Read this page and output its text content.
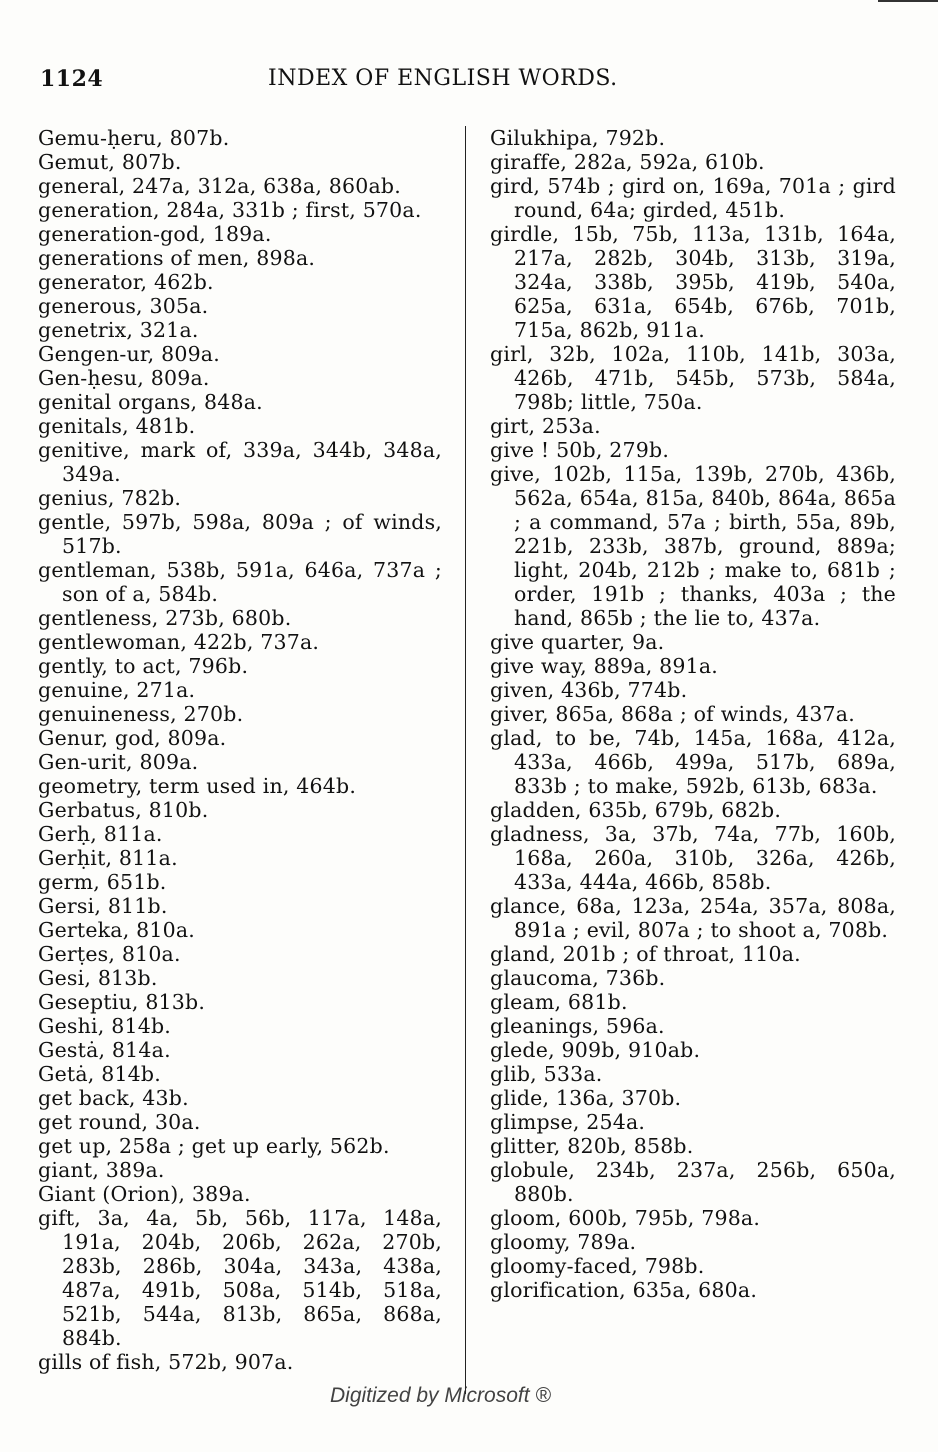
1124	INDEX OF ENGLISH WORDS.
Gemu-ḥeru, 807b.
Gemut, 807b.
general, 247a, 312a, 638a, 860ab.
generation, 284a, 331b ; first, 570a.
generation-god, 189a.
generations of men, 898a.
generator, 462b.
generous, 305a.
genetrix, 321a.
Gengen-ur, 809a.
Gen-ḥesu, 809a.
genital organs, 848a.
genitals, 481b.
genitive, mark of, 339a, 344b, 348a, 349a.
genius, 782b.
gentle, 597b, 598a, 809a ; of winds, 517b.
gentleman, 538b, 591a, 646a, 737a ; son of a, 584b.
gentleness, 273b, 680b.
gentlewoman, 422b, 737a.
gently, to act, 796b.
genuine, 271a.
genuineness, 270b.
Genur, god, 809a.
Gen-urit, 809a.
geometry, term used in, 464b.
Gerbatus, 810b.
Gerḥ, 811a.
Gerḥit, 811a.
germ, 651b.
Gersi, 811b.
Gerteka, 810a.
Gerṭes, 810a.
Gesi, 813b.
Geseptiu, 813b.
Geshi, 814b.
Gestȧ, 814a.
Getȧ, 814b.
get back, 43b.
get round, 30a.
get up, 258a ; get up early, 562b.
giant, 389a.
Giant (Orion), 389a.
gift, 3a, 4a, 5b, 56b, 117a, 148a, 191a, 204b, 206b, 262a, 270b, 283b, 286b, 304a, 343a, 438a, 487a, 491b, 508a, 514b, 518a, 521b, 544a, 813b, 865a, 868a, 884b.
gills of fish, 572b, 907a.
Gilukhipa, 792b.
giraffe, 282a, 592a, 610b.
gird, 574b ; gird on, 169a, 701a ; gird round, 64a; girded, 451b.
girdle, 15b, 75b, 113a, 131b, 164a, 217a, 282b, 304b, 313b, 319a, 324a, 338b, 395b, 419b, 540a, 625a, 631a, 654b, 676b, 701b, 715a, 862b, 911a.
girl, 32b, 102a, 110b, 141b, 303a, 426b, 471b, 545b, 573b, 584a, 798b; little, 750a.
girt, 253a.
give ! 50b, 279b.
give, 102b, 115a, 139b, 270b, 436b, 562a, 654a, 815a, 840b, 864a, 865a ; a command, 57a ; birth, 55a, 89b, 221b, 233b, 387b, ground, 889a; light, 204b, 212b ; make to, 681b ; order, 191b ; thanks, 403a ; the hand, 865b ; the lie to, 437a.
give quarter, 9a.
give way, 889a, 891a.
given, 436b, 774b.
giver, 865a, 868a ; of winds, 437a.
glad, to be, 74b, 145a, 168a, 412a, 433a, 466b, 499a, 517b, 689a, 833b ; to make, 592b, 613b, 683a.
gladden, 635b, 679b, 682b.
gladness, 3a, 37b, 74a, 77b, 160b, 168a, 260a, 310b, 326a, 426b, 433a, 444a, 466b, 858b.
glance, 68a, 123a, 254a, 357a, 808a, 891a ; evil, 807a ; to shoot a, 708b.
gland, 201b ; of throat, 110a.
glaucoma, 736b.
gleam, 681b.
gleanings, 596a.
glede, 909b, 910ab.
glib, 533a.
glide, 136a, 370b.
glimpse, 254a.
glitter, 820b, 858b.
globule, 234b, 237a, 256b, 650a, 880b.
gloom, 600b, 795b, 798a.
gloomy, 789a.
gloomy-faced, 798b.
glorification, 635a, 680a.
Digitized by Microsoft ®
